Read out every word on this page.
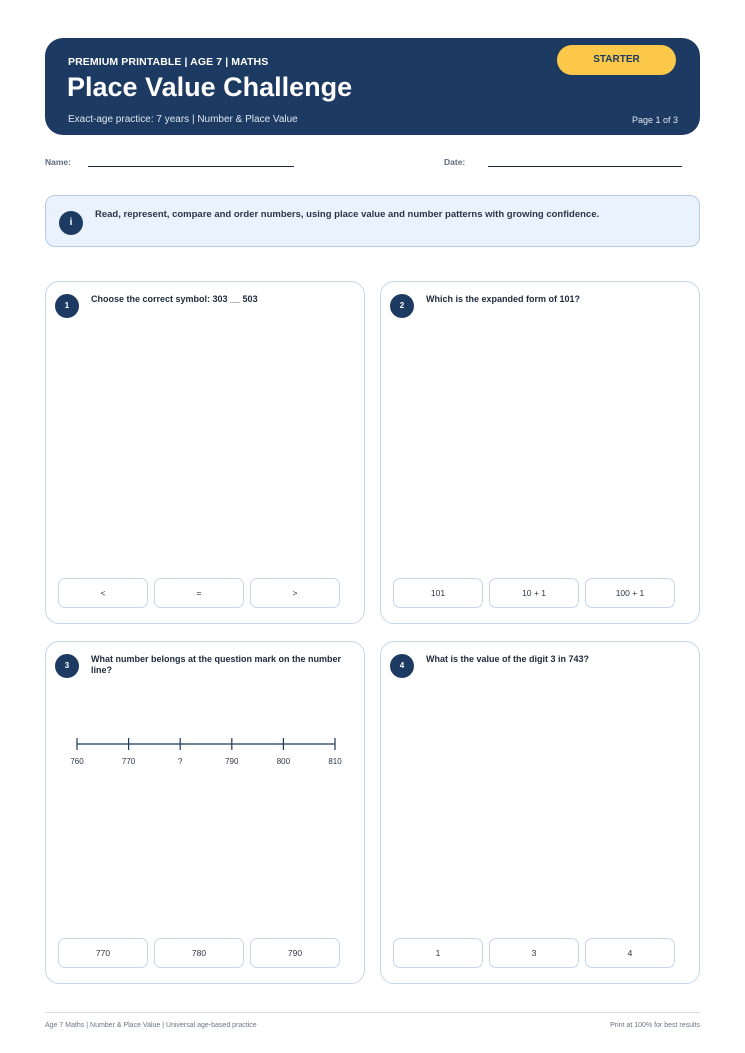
PREMIUM PRINTABLE | AGE 7 | MATHS
Place Value Challenge
Exact-age practice: 7 years | Number & Place Value	Page 1 of 3
STARTER
Name:	Date:
i
Read, represent, compare and order numbers, using place value and number patterns with growing confidence.
1
Choose the correct symbol: 303 __ 503
<	=	>
2
Which is the expanded form of 101?
101	10 + 1	100 + 1
3
What number belongs at the question mark on the number line?
760	770	?	790	800	810
770	780	790
4
What is the value of the digit 3 in 743?
1	3	4
Age 7 Maths | Number & Place Value | Universal age-based practice	Print at 100% for best results
